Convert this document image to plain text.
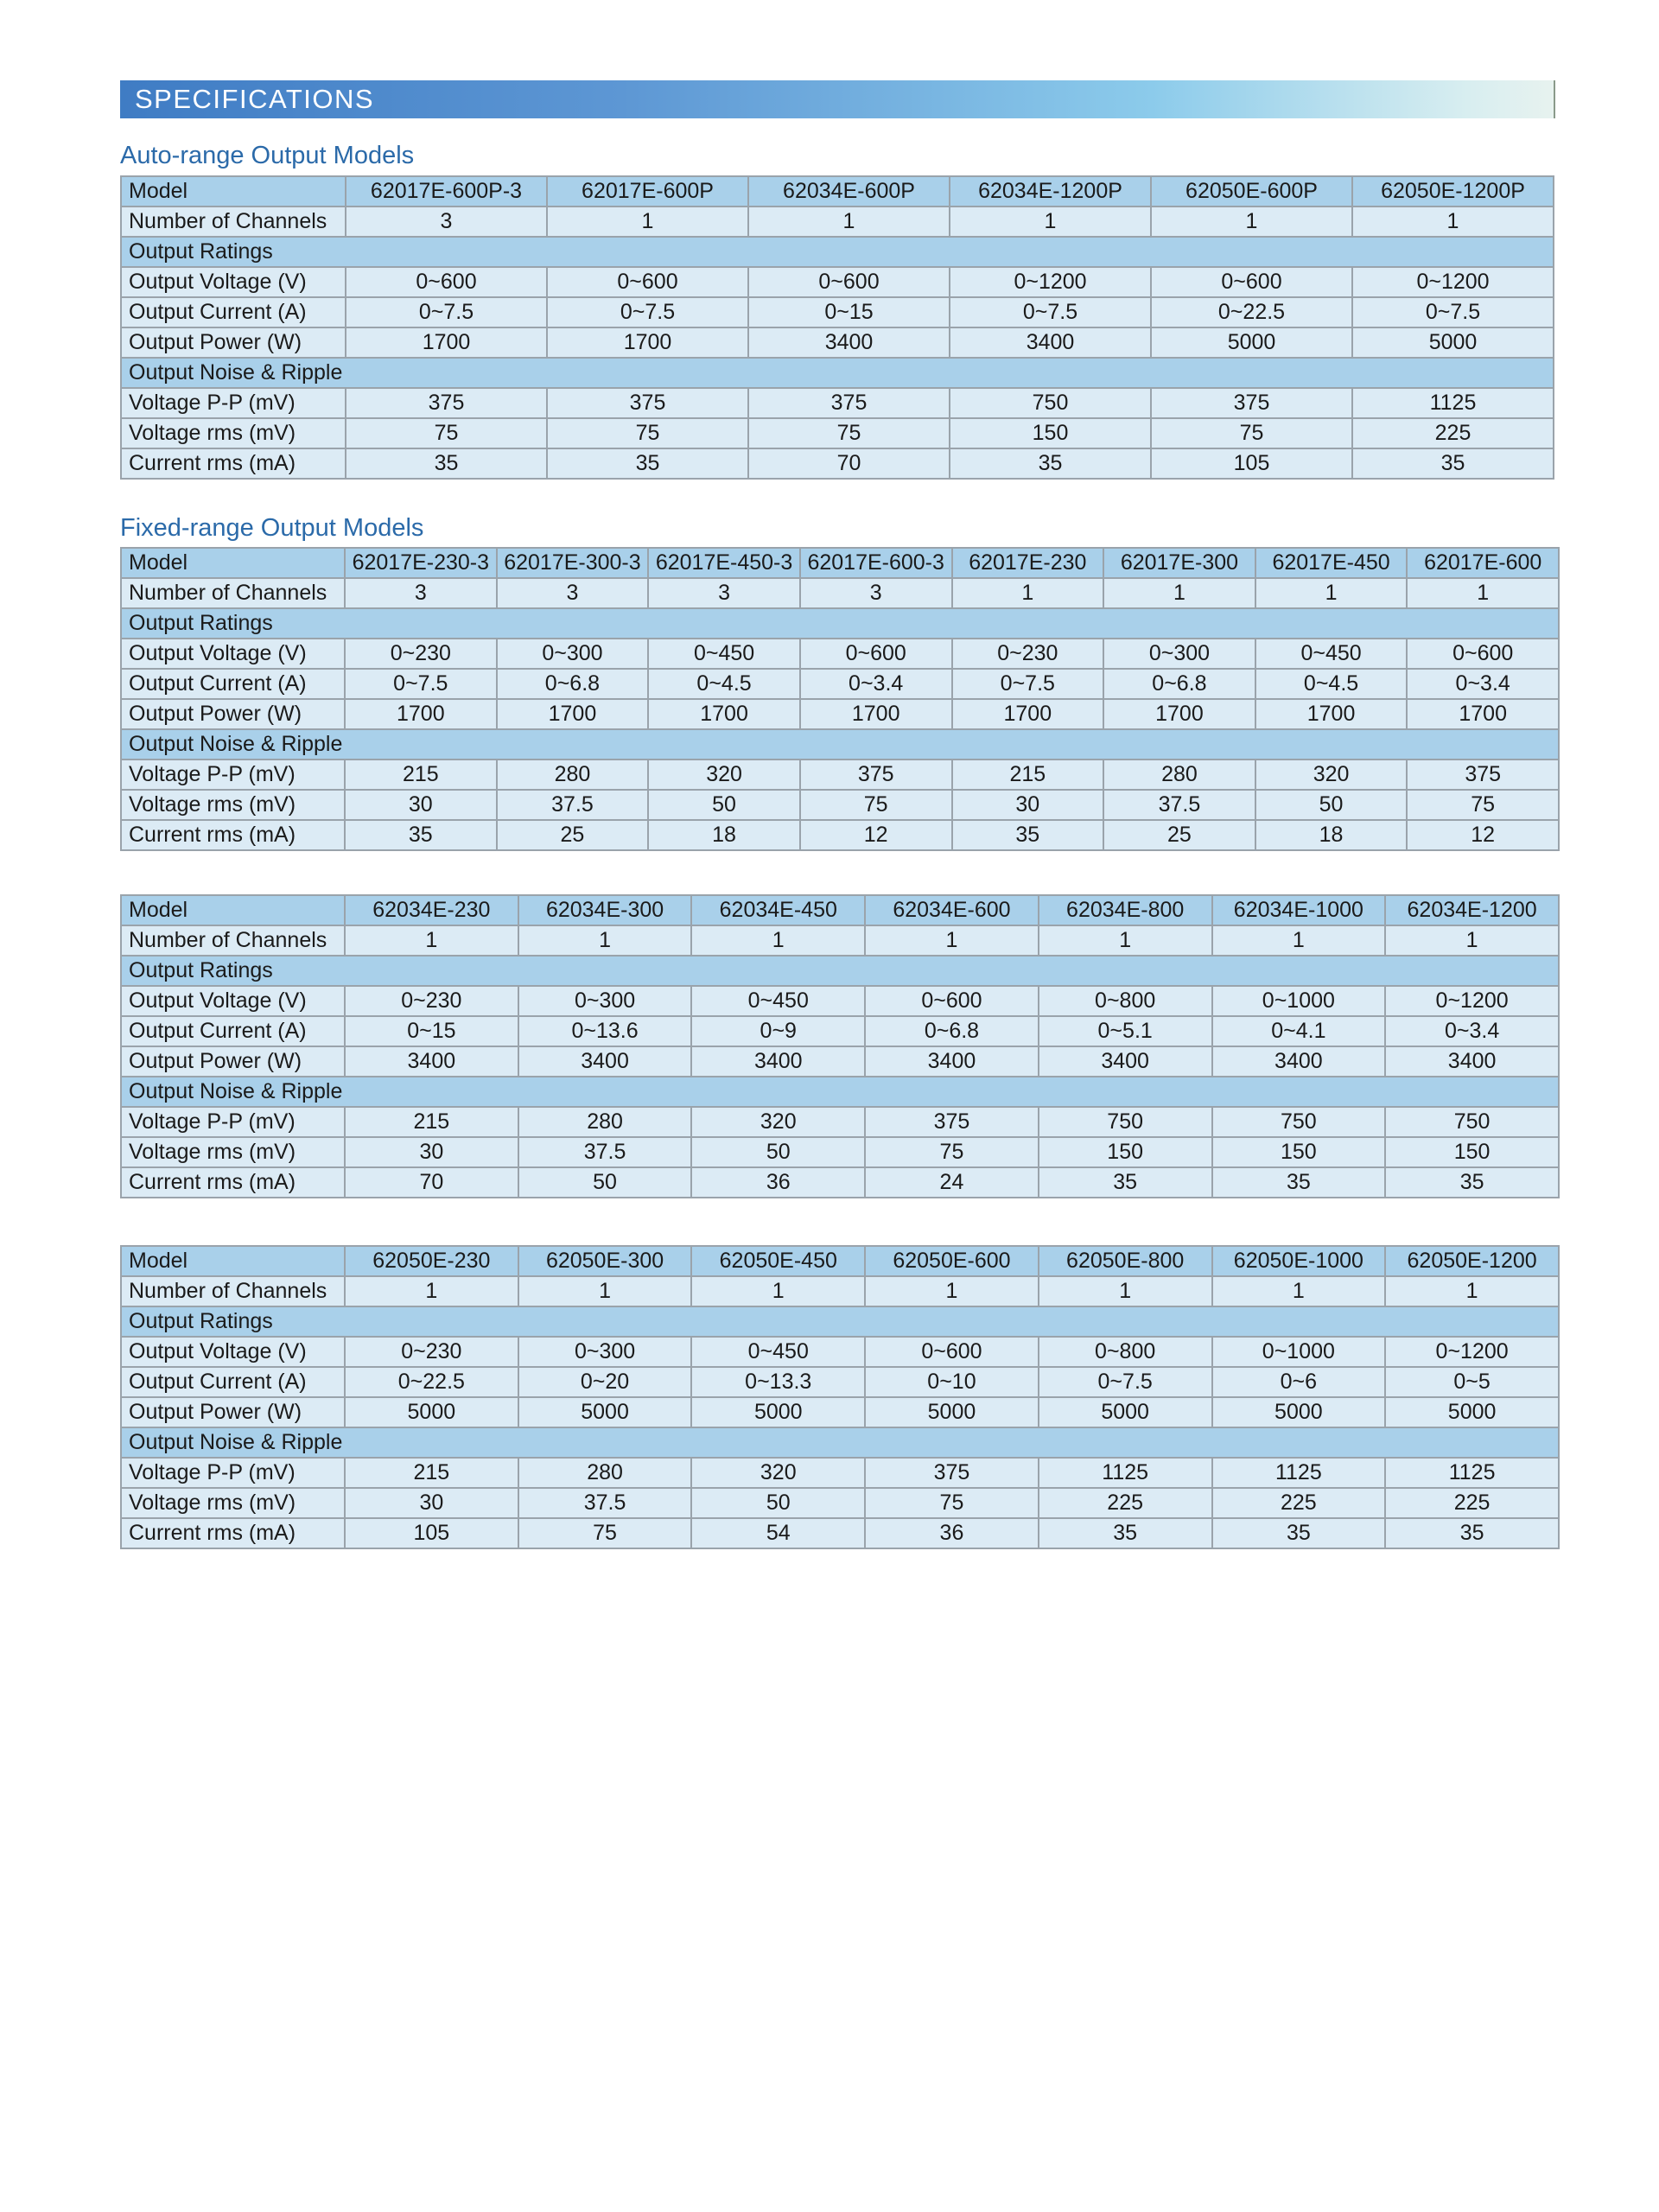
SPECIFICATIONS
Auto-range Output Models
Fixed-range Output Models
Model	62017E-600P-3	62017E-600P	62034E-600P	62034E-1200P	62050E-600P	62050E-1200P
Number of Channels	3	1	1	1	1	1
Output Ratings						
Output Voltage (V)	0~600	0~600	0~600	0~1200	0~600	0~1200
Output Current (A)	0~7.5	0~7.5	0~15	0~7.5	0~22.5	0~7.5
Output Power (W)	1700	1700	3400	3400	5000	5000
Output Noise & Ripple						
Voltage P-P (mV)	375	375	375	750	375	1125
Voltage rms (mV)	75	75	75	150	75	225
Current rms (mA)	35	35	70	35	105	35
Model	62017E-230-3	62017E-300-3	62017E-450-3	62017E-600-3	62017E-230	62017E-300	62017E-450	62017E-600
Number of Channels	3	3	3	3	1	1	1	1
Output Ratings								
Output Voltage (V)	0~230	0~300	0~450	0~600	0~230	0~300	0~450	0~600
Output Current (A)	0~7.5	0~6.8	0~4.5	0~3.4	0~7.5	0~6.8	0~4.5	0~3.4
Output Power (W)	1700	1700	1700	1700	1700	1700	1700	1700
Output Noise & Ripple								
Voltage P-P (mV)	215	280	320	375	215	280	320	375
Voltage rms (mV)	30	37.5	50	75	30	37.5	50	75
Current rms (mA)	35	25	18	12	35	25	18	12
Model	62034E-230	62034E-300	62034E-450	62034E-600	62034E-800	62034E-1000	62034E-1200
Number of Channels	1	1	1	1	1	1	1
Output Ratings							
Output Voltage (V)	0~230	0~300	0~450	0~600	0~800	0~1000	0~1200
Output Current (A)	0~15	0~13.6	0~9	0~6.8	0~5.1	0~4.1	0~3.4
Output Power (W)	3400	3400	3400	3400	3400	3400	3400
Output Noise & Ripple							
Voltage P-P (mV)	215	280	320	375	750	750	750
Voltage rms (mV)	30	37.5	50	75	150	150	150
Current rms (mA)	70	50	36	24	35	35	35
Model	62050E-230	62050E-300	62050E-450	62050E-600	62050E-800	62050E-1000	62050E-1200
Number of Channels	1	1	1	1	1	1	1
Output Ratings							
Output Voltage (V)	0~230	0~300	0~450	0~600	0~800	0~1000	0~1200
Output Current (A)	0~22.5	0~20	0~13.3	0~10	0~7.5	0~6	0~5
Output Power (W)	5000	5000	5000	5000	5000	5000	5000
Output Noise & Ripple							
Voltage P-P (mV)	215	280	320	375	1125	1125	1125
Voltage rms (mV)	30	37.5	50	75	225	225	225
Current rms (mA)	105	75	54	36	35	35	35
